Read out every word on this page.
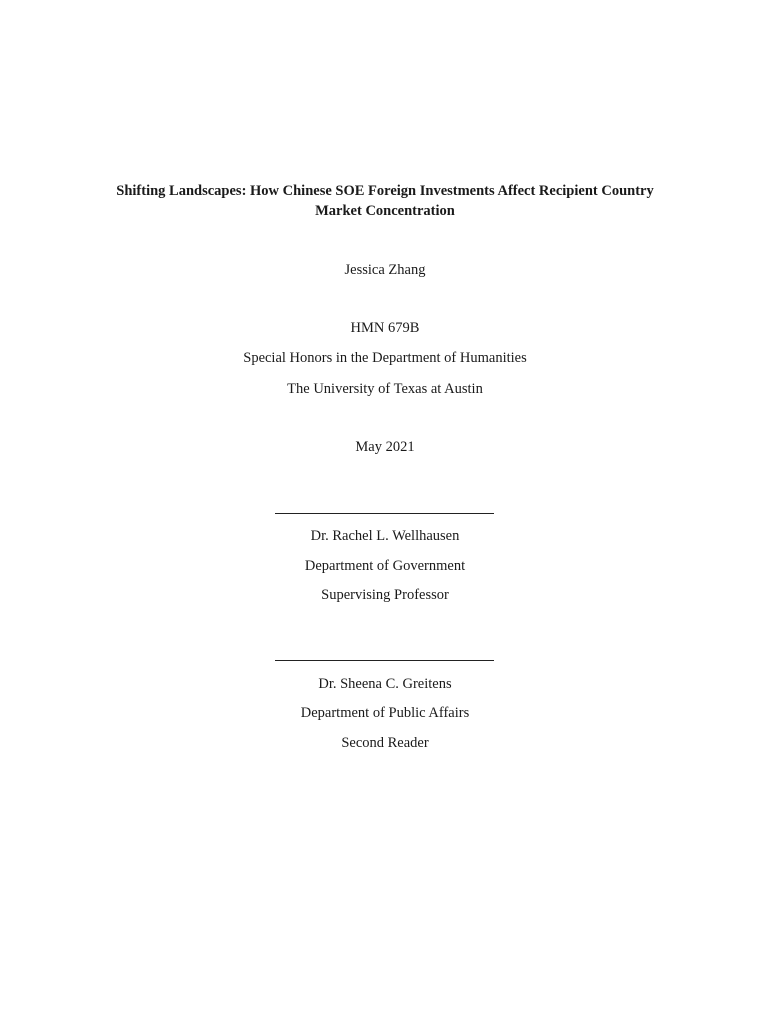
Shifting Landscapes: How Chinese SOE Foreign Investments Affect Recipient Country
Market Concentration
Jessica Zhang
HMN 679B
Special Honors in the Department of Humanities
The University of Texas at Austin
May 2021
Dr. Rachel L. Wellhausen
Department of Government
Supervising Professor
Dr. Sheena C. Greitens
Department of Public Affairs
Second Reader
